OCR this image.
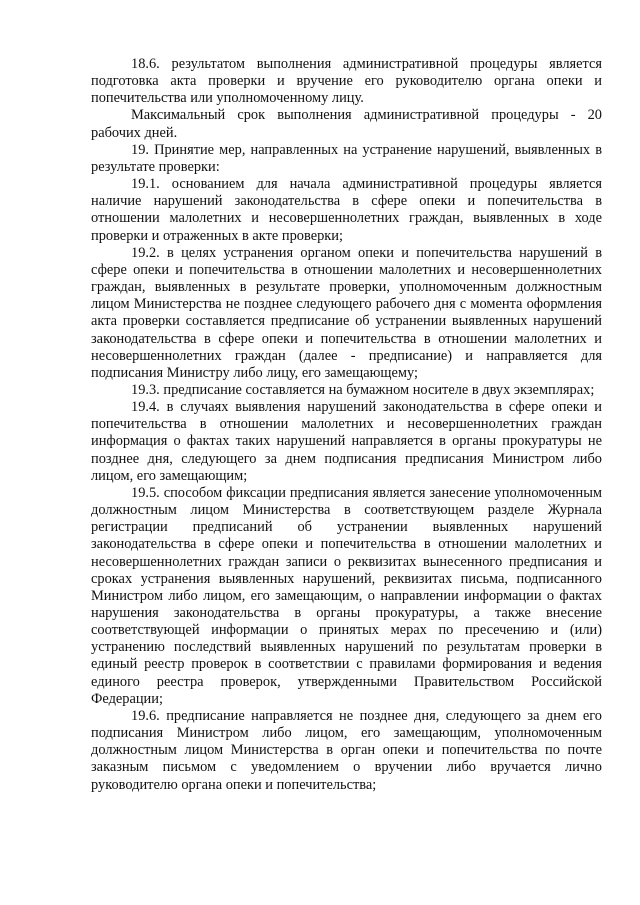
18.6. результатом выполнения административной процедуры является подготовка акта проверки и вручение его руководителю органа опеки и попечительства или уполномоченному лицу.

Максимальный срок выполнения административной процедуры - 20 рабочих дней.

19. Принятие мер, направленных на устранение нарушений, выявленных в результате проверки:

19.1. основанием для начала административной процедуры является наличие нарушений законодательства в сфере опеки и попечительства в отношении малолетних и несовершеннолетних граждан, выявленных в ходе проверки и отраженных в акте проверки;

19.2. в целях устранения органом опеки и попечительства нарушений в сфере опеки и попечительства в отношении малолетних и несовершеннолетних граждан, выявленных в результате проверки, уполномоченным должностным лицом Министерства не позднее следующего рабочего дня с момента оформления акта проверки составляется предписание об устранении выявленных нарушений законодательства в сфере опеки и попечительства в отношении малолетних и несовершеннолетних граждан (далее - предписание) и направляется для подписания Министру либо лицу, его замещающему;

19.3. предписание составляется на бумажном носителе в двух экземплярах;

19.4. в случаях выявления нарушений законодательства в сфере опеки и попечительства в отношении малолетних и несовершеннолетних граждан информация о фактах таких нарушений направляется в органы прокуратуры не позднее дня, следующего за днем подписания предписания Министром либо лицом, его замещающим;

19.5. способом фиксации предписания является занесение уполномоченным должностным лицом Министерства в соответствующем разделе Журнала регистрации предписаний об устранении выявленных нарушений законодательства в сфере опеки и попечительства в отношении малолетних и несовершеннолетних граждан записи о реквизитах вынесенного предписания и сроках устранения выявленных нарушений, реквизитах письма, подписанного Министром либо лицом, его замещающим, о направлении информации о фактах нарушения законодательства в органы прокуратуры, а также внесение соответствующей информации о принятых мерах по пресечению и (или) устранению последствий выявленных нарушений по результатам проверки в единый реестр проверок в соответствии с правилами формирования и ведения единого реестра проверок, утвержденными Правительством Российской Федерации;

19.6. предписание направляется не позднее дня, следующего за днем его подписания Министром либо лицом, его замещающим, уполномоченным должностным лицом Министерства в орган опеки и попечительства по почте заказным письмом с уведомлением о вручении либо вручается лично руководителю органа опеки и попечительства;
